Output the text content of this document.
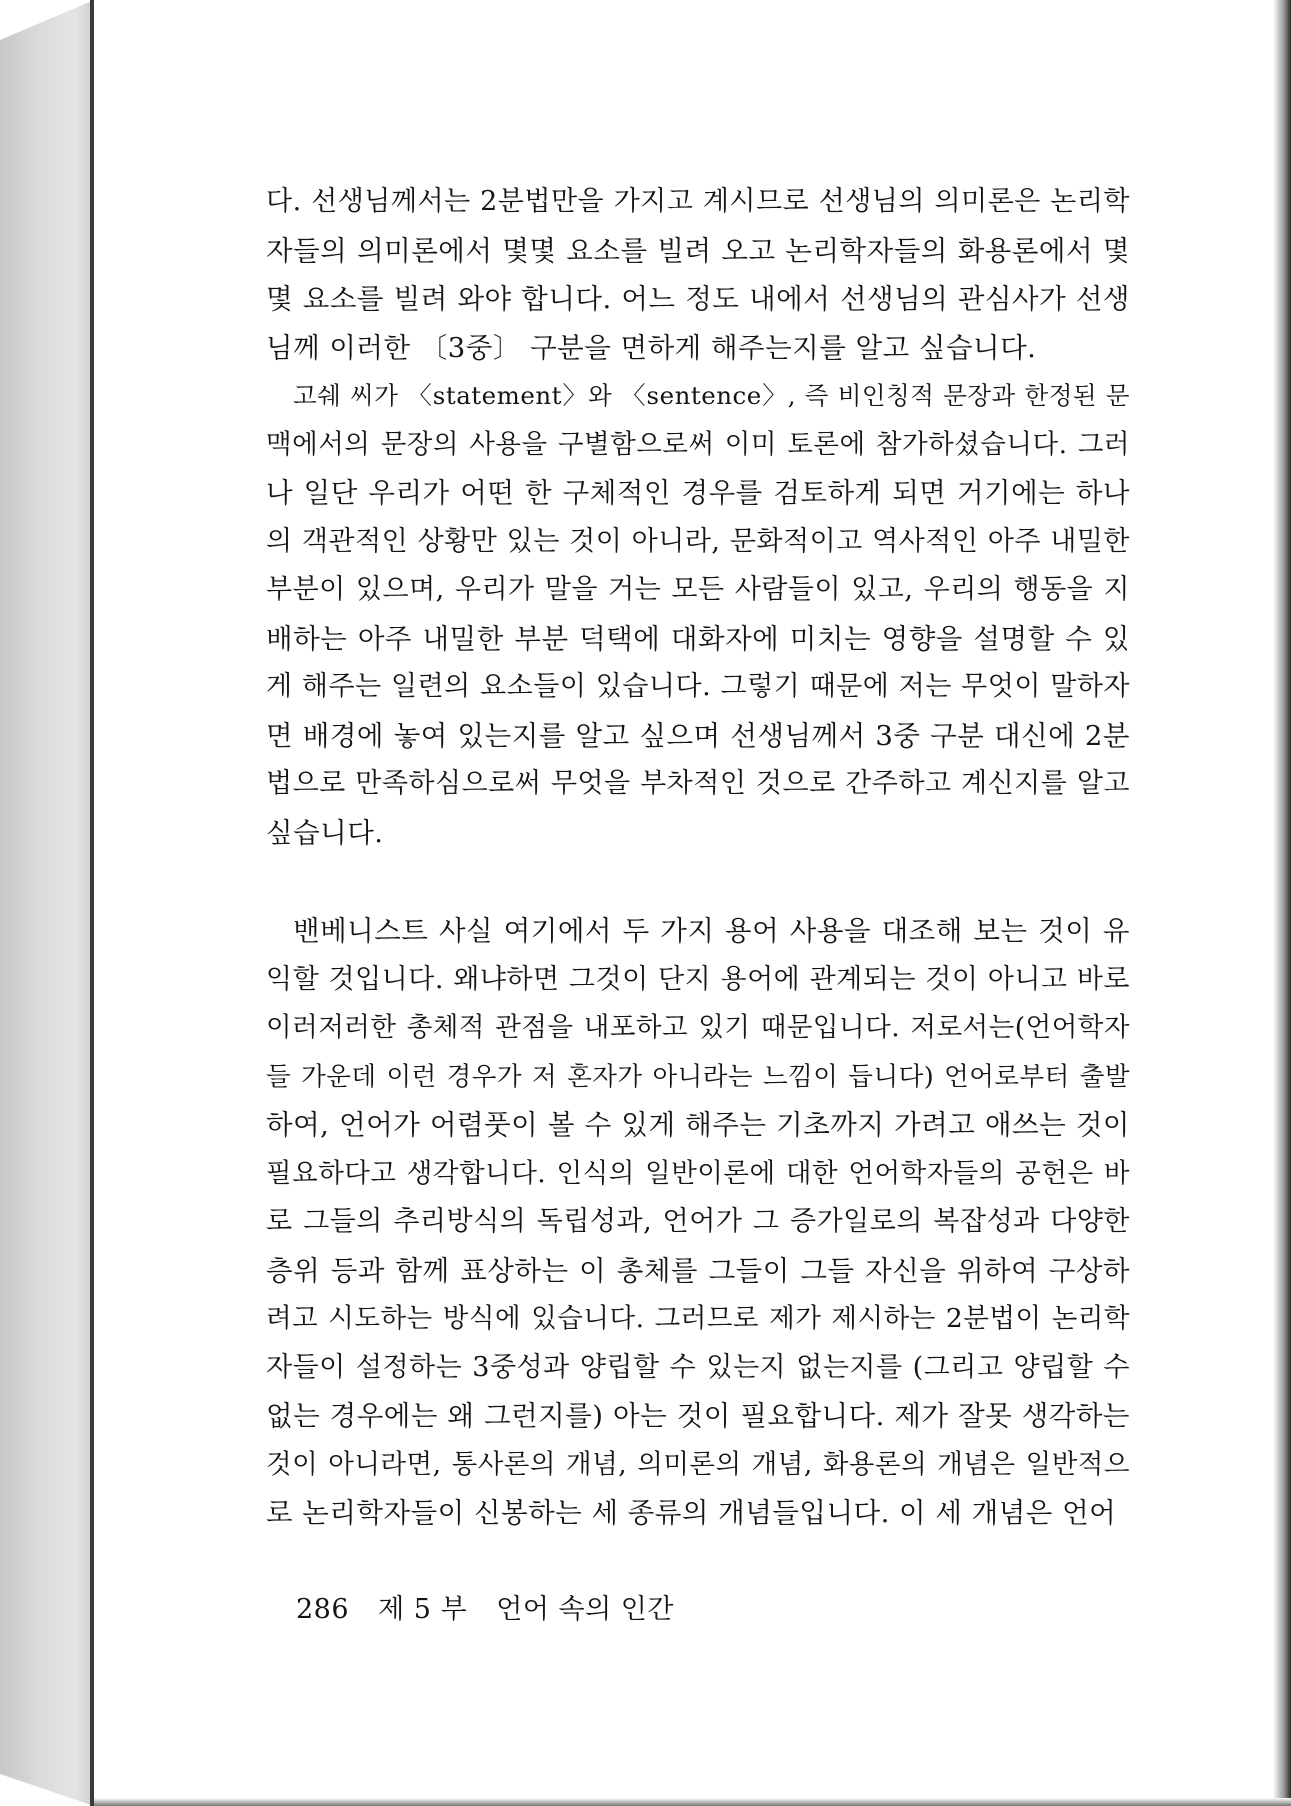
다. 선생님께서는 2분법만을 가지고 계시므로 선생님의 의미론은 논리학
자들의 의미론에서 몇몇 요소를 빌려 오고 논리학자들의 화용론에서 몇
몇 요소를 빌려 와야 합니다. 어느 정도 내에서 선생님의 관심사가 선생
님께 이러한 〔3중〕 구분을 면하게 해주는지를 알고 싶습니다.
고쉐 씨가 〈statement〉와 〈sentence〉, 즉 비인칭적 문장과 한정된 문
맥에서의 문장의 사용을 구별함으로써 이미 토론에 참가하셨습니다. 그러
나 일단 우리가 어떤 한 구체적인 경우를 검토하게 되면 거기에는 하나
의 객관적인 상황만 있는 것이 아니라, 문화적이고 역사적인 아주 내밀한
부분이 있으며, 우리가 말을 거는 모든 사람들이 있고, 우리의 행동을 지
배하는 아주 내밀한 부분 덕택에 대화자에 미치는 영향을 설명할 수 있
게 해주는 일련의 요소들이 있습니다. 그렇기 때문에 저는 무엇이 말하자
면 배경에 놓여 있는지를 알고 싶으며 선생님께서 3중 구분 대신에 2분
법으로 만족하심으로써 무엇을 부차적인 것으로 간주하고 계신지를 알고
싶습니다.
밴베니스트 사실 여기에서 두 가지 용어 사용을 대조해 보는 것이 유
익할 것입니다. 왜냐하면 그것이 단지 용어에 관계되는 것이 아니고 바로
이러저러한 총체적 관점을 내포하고 있기 때문입니다. 저로서는(언어학자
들 가운데 이런 경우가 저 혼자가 아니라는 느낌이 듭니다) 언어로부터 출발
하여, 언어가 어렴풋이 볼 수 있게 해주는 기초까지 가려고 애쓰는 것이
필요하다고 생각합니다. 인식의 일반이론에 대한 언어학자들의 공헌은 바
로 그들의 추리방식의 독립성과, 언어가 그 증가일로의 복잡성과 다양한
층위 등과 함께 표상하는 이 총체를 그들이 그들 자신을 위하여 구상하
려고 시도하는 방식에 있습니다. 그러므로 제가 제시하는 2분법이 논리학
자들이 설정하는 3중성과 양립할 수 있는지 없는지를 (그리고 양립할 수
없는 경우에는 왜 그런지를) 아는 것이 필요합니다. 제가 잘못 생각하는
것이 아니라면, 통사론의 개념, 의미론의 개념, 화용론의 개념은 일반적으
로 논리학자들이 신봉하는 세 종류의 개념들입니다. 이 세 개념은 언어
286 제 5 부 언어 속의 인간
